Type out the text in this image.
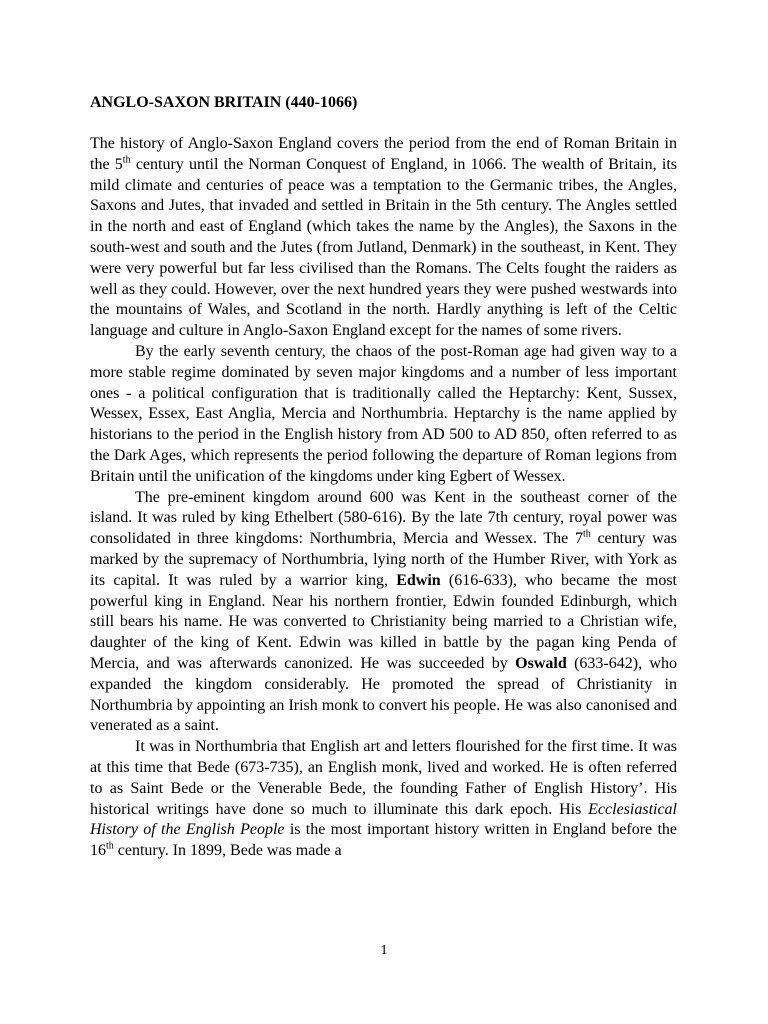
ANGLO-SAXON BRITAIN (440-1066)

The history of Anglo-Saxon England covers the period from the end of Roman Britain in the 5th century until the Norman Conquest of England, in 1066. The wealth of Britain, its mild climate and centuries of peace was a temptation to the Germanic tribes, the Angles, Saxons and Jutes, that invaded and settled in Britain in the 5th century. The Angles settled in the north and east of England (which takes the name by the Angles), the Saxons in the south-west and south and the Jutes (from Jutland, Denmark) in the southeast, in Kent. They were very powerful but far less civilised than the Romans. The Celts fought the raiders as well as they could. However, over the next hundred years they were pushed westwards into the mountains of Wales, and Scotland in the north. Hardly anything is left of the Celtic language and culture in Anglo-Saxon England except for the names of some rivers.

By the early seventh century, the chaos of the post-Roman age had given way to a more stable regime dominated by seven major kingdoms and a number of less important ones - a political configuration that is traditionally called the Heptarchy: Kent, Sussex, Wessex, Essex, East Anglia, Mercia and Northumbria. Heptarchy is the name applied by historians to the period in the English history from AD 500 to AD 850, often referred to as the Dark Ages, which represents the period following the departure of Roman legions from Britain until the unification of the kingdoms under king Egbert of Wessex.

The pre-eminent kingdom around 600 was Kent in the southeast corner of the island. It was ruled by king Ethelbert (580-616). By the late 7th century, royal power was consolidated in three kingdoms: Northumbria, Mercia and Wessex. The 7th century was marked by the supremacy of Northumbria, lying north of the Humber River, with York as its capital. It was ruled by a warrior king, Edwin (616-633), who became the most powerful king in England. Near his northern frontier, Edwin founded Edinburgh, which still bears his name. He was converted to Christianity being married to a Christian wife, daughter of the king of Kent. Edwin was killed in battle by the pagan king Penda of Mercia, and was afterwards canonized. He was succeeded by Oswald (633-642), who expanded the kingdom considerably. He promoted the spread of Christianity in Northumbria by appointing an Irish monk to convert his people. He was also canonised and venerated as a saint.

It was in Northumbria that English art and letters flourished for the first time. It was at this time that Bede (673-735), an English monk, lived and worked. He is often referred to as Saint Bede or the Venerable Bede, the founding Father of English History’. His historical writings have done so much to illuminate this dark epoch. His Ecclesiastical History of the English People is the most important history written in England before the 16th century. In 1899, Bede was made a

1
